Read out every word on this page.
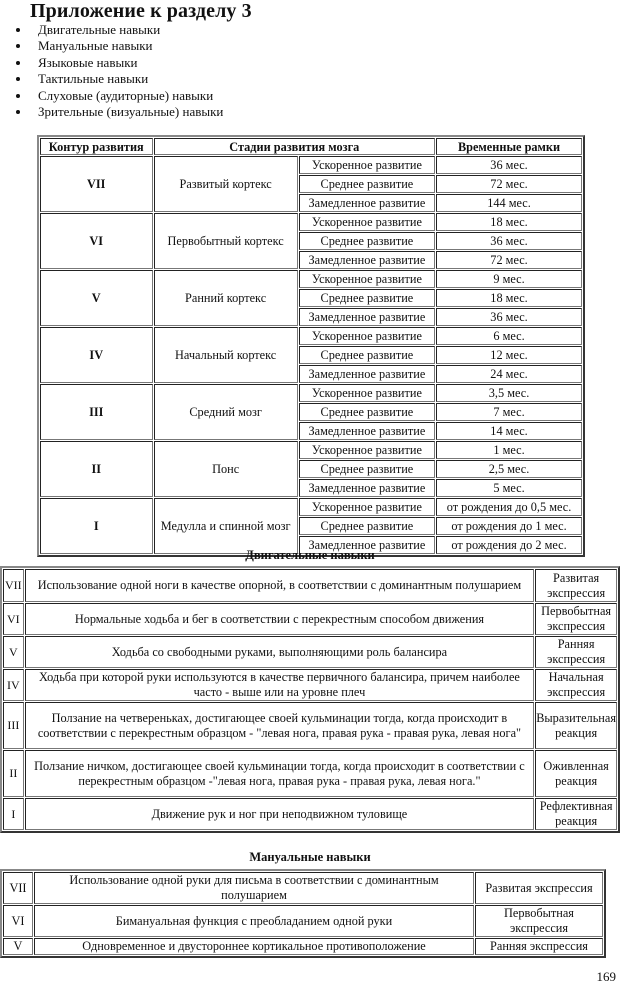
Приложение к разделу 3
Двигательные навыки
Мануальные навыки
Языковые навыки
Тактильные навыки
Слуховые (аудиторные) навыки
Зрительные (визуальные) навыки
Контур развития	Стадии развития мозга		Временные рамки
VII	Развитый кортекс	Ускоренное развитие	36 мес.
		Среднее развитие	72 мес.
		Замедленное развитие	144 мес.
VI	Первобытный кортекс	Ускоренное развитие	18 мес.
		Среднее развитие	36 мес.
		Замедленное развитие	72 мес.
V	Ранний кортекс	Ускоренное развитие	9 мес.
		Среднее развитие	18 мес.
		Замедленное развитие	36 мес.
IV	Начальный кортекс	Ускоренное развитие	6 мес.
		Среднее развитие	12 мес.
		Замедленное развитие	24 мес.
III	Средний мозг	Ускоренное развитие	3,5 мес.
		Среднее развитие	7 мес.
		Замедленное развитие	14 мес.
II	Понс	Ускоренное развитие	1 мес.
		Среднее развитие	2,5 мес.
		Замедленное развитие	5 мес.
I	Медулла и спинной мозг	Ускоренное развитие	от рождения до 0,5 мес.
		Среднее развитие	от рождения до 1 мес.
		Замедленное развитие	от рождения до 2 мес.
Двигательные навыки
VII	Использование одной ноги в качестве опорной, в соответствии с доминантным полушарием	Развитая экспрессия
VI	Нормальные ходьба и бег в соответствии с перекрестным способом движения	Первобытная экспрессия
V	Ходьба со свободными руками, выполняющими роль балансира	Ранняя экспрессия
IV	Ходьба при которой руки используются в качестве первичного балансира, причем наиболее часто - выше или на уровне плеч	Начальная экспрессия
III	Ползание на четвереньках, достигающее своей кульминации тогда, когда происходит в соответствии с перекрестным образцом - "левая нога, правая рука - правая рука, левая нога"	Выразительная реакция
II	Ползание ничком, достигающее своей кульминации тогда, когда происходит в соответствии с перекрестным образцом -"левая нога, правая рука - правая рука, левая нога."	Оживленная реакция
I	Движение рук и ног при неподвижном туловище	Рефлективная реакция
Мануальные навыки
VII	Использование одной руки для письма в соответствии с доминантным полушарием	Развитая экспрессия
VI	Бимануальная функция с преобладанием одной руки	Первобытная экспрессия
V	Одновременное и двустороннее кортикальное противоположение	Ранняя экспрессия
169
